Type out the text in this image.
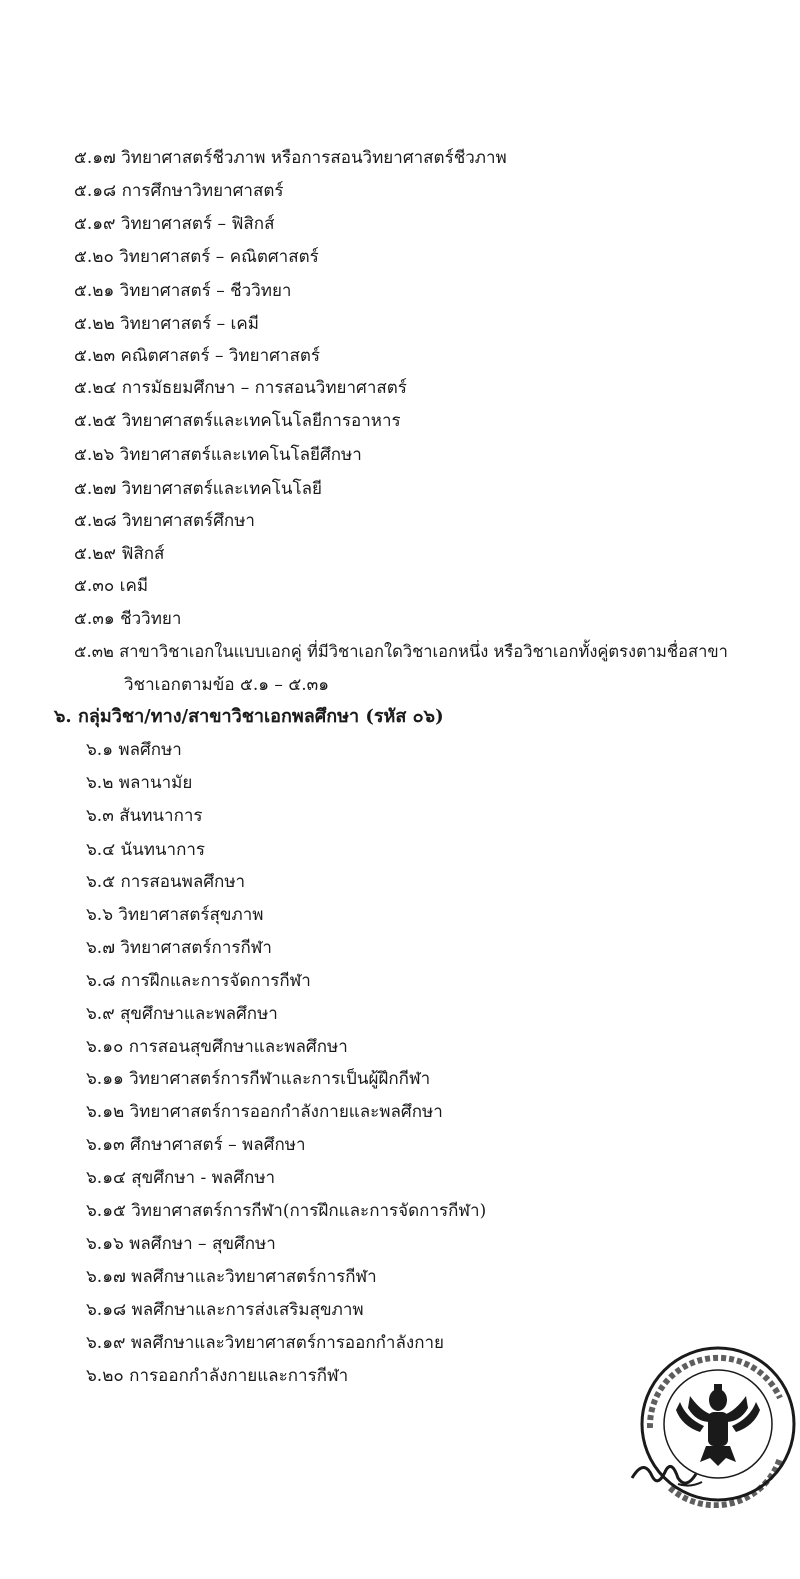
๕.๑๗ วิทยาศาสตร์ชีวภาพ หรือการสอนวิทยาศาสตร์ชีวภาพ
๕.๑๘ การศึกษาวิทยาศาสตร์
๕.๑๙ วิทยาศาสตร์ – ฟิสิกส์
๕.๒๐ วิทยาศาสตร์ – คณิตศาสตร์
๕.๒๑ วิทยาศาสตร์ – ชีววิทยา
๕.๒๒ วิทยาศาสตร์ – เคมี
๕.๒๓ คณิตศาสตร์ – วิทยาศาสตร์
๕.๒๔ การมัธยมศึกษา – การสอนวิทยาศาสตร์
๕.๒๕ วิทยาศาสตร์และเทคโนโลยีการอาหาร
๕.๒๖ วิทยาศาสตร์และเทคโนโลยีศึกษา
๕.๒๗ วิทยาศาสตร์และเทคโนโลยี
๕.๒๘ วิทยาศาสตร์ศึกษา
๕.๒๙ ฟิสิกส์
๕.๓๐ เคมี
๕.๓๑ ชีววิทยา
๕.๓๒ สาขาวิชาเอกในแบบเอกคู่ ที่มีวิชาเอกใดวิชาเอกหนึ่ง หรือวิชาเอกทั้งคู่ตรงตามชื่อสาขา
วิชาเอกตามข้อ ๕.๑ – ๕.๓๑
๖. กลุ่มวิชา/ทาง/สาขาวิชาเอกพลศึกษา (รหัส ๐๖)
๖.๑ พลศึกษา
๖.๒ พลานามัย
๖.๓ สันทนาการ
๖.๔ นันทนาการ
๖.๕ การสอนพลศึกษา
๖.๖ วิทยาศาสตร์สุขภาพ
๖.๗ วิทยาศาสตร์การกีฬา
๖.๘ การฝึกและการจัดการกีฬา
๖.๙ สุขศึกษาและพลศึกษา
๖.๑๐ การสอนสุขศึกษาและพลศึกษา
๖.๑๑ วิทยาศาสตร์การกีฬาและการเป็นผู้ฝึกกีฬา
๖.๑๒ วิทยาศาสตร์การออกกำลังกายและพลศึกษา
๖.๑๓ ศึกษาศาสตร์ – พลศึกษา
๖.๑๔ สุขศึกษา - พลศึกษา
๖.๑๕ วิทยาศาสตร์การกีฬา(การฝึกและการจัดการกีฬา)
๖.๑๖ พลศึกษา – สุขศึกษา
๖.๑๗ พลศึกษาและวิทยาศาสตร์การกีฬา
๖.๑๘ พลศึกษาและการส่งเสริมสุขภาพ
๖.๑๙ พลศึกษาและวิทยาศาสตร์การออกกำลังกาย
๖.๒๐ การออกกำลังกายและการกีฬา
